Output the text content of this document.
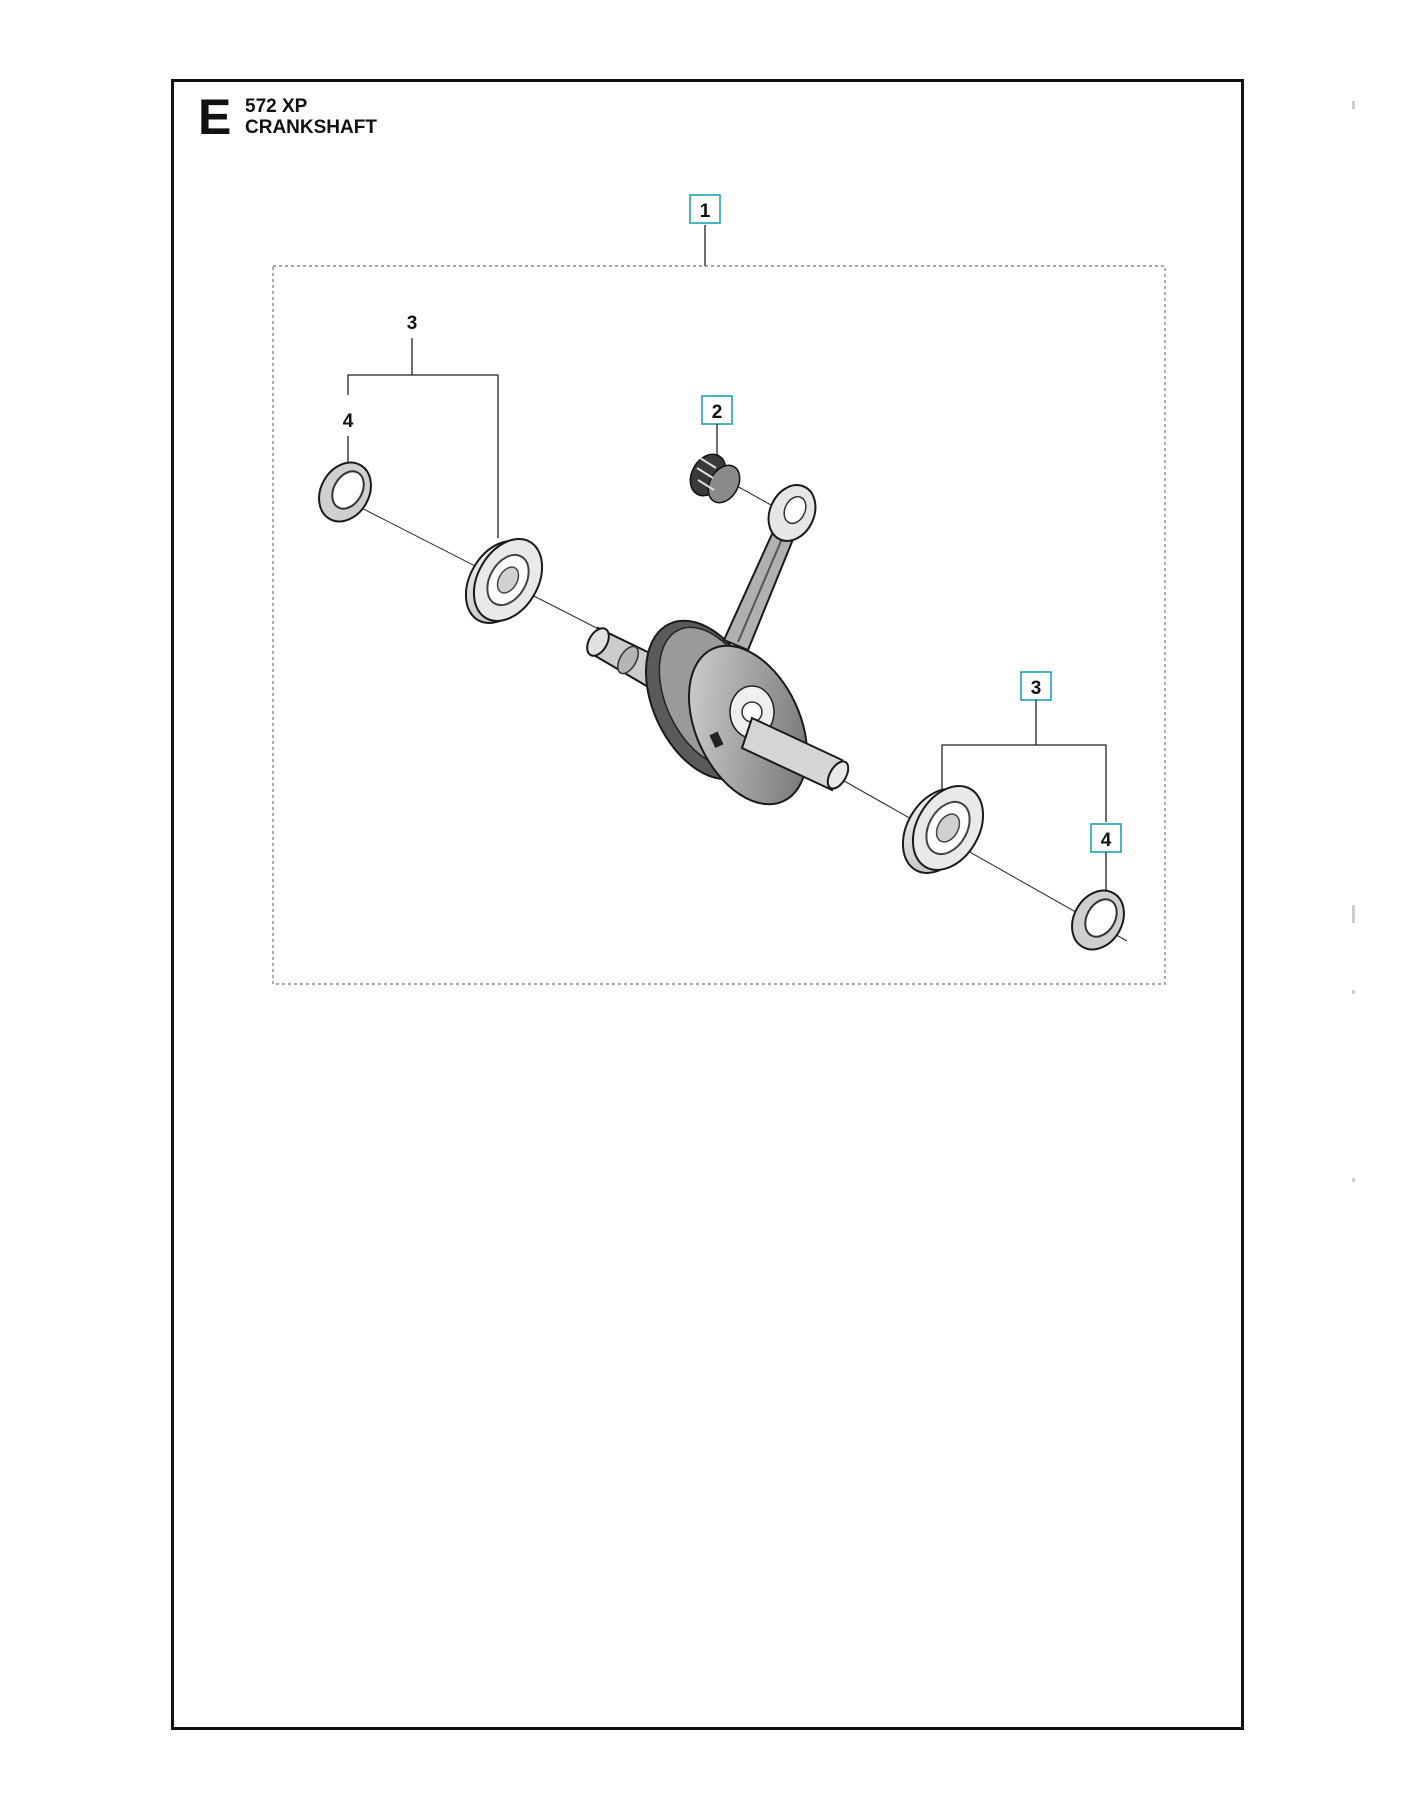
E 572 XP
CRANKSHAFT
1
3
4	2
3
4
